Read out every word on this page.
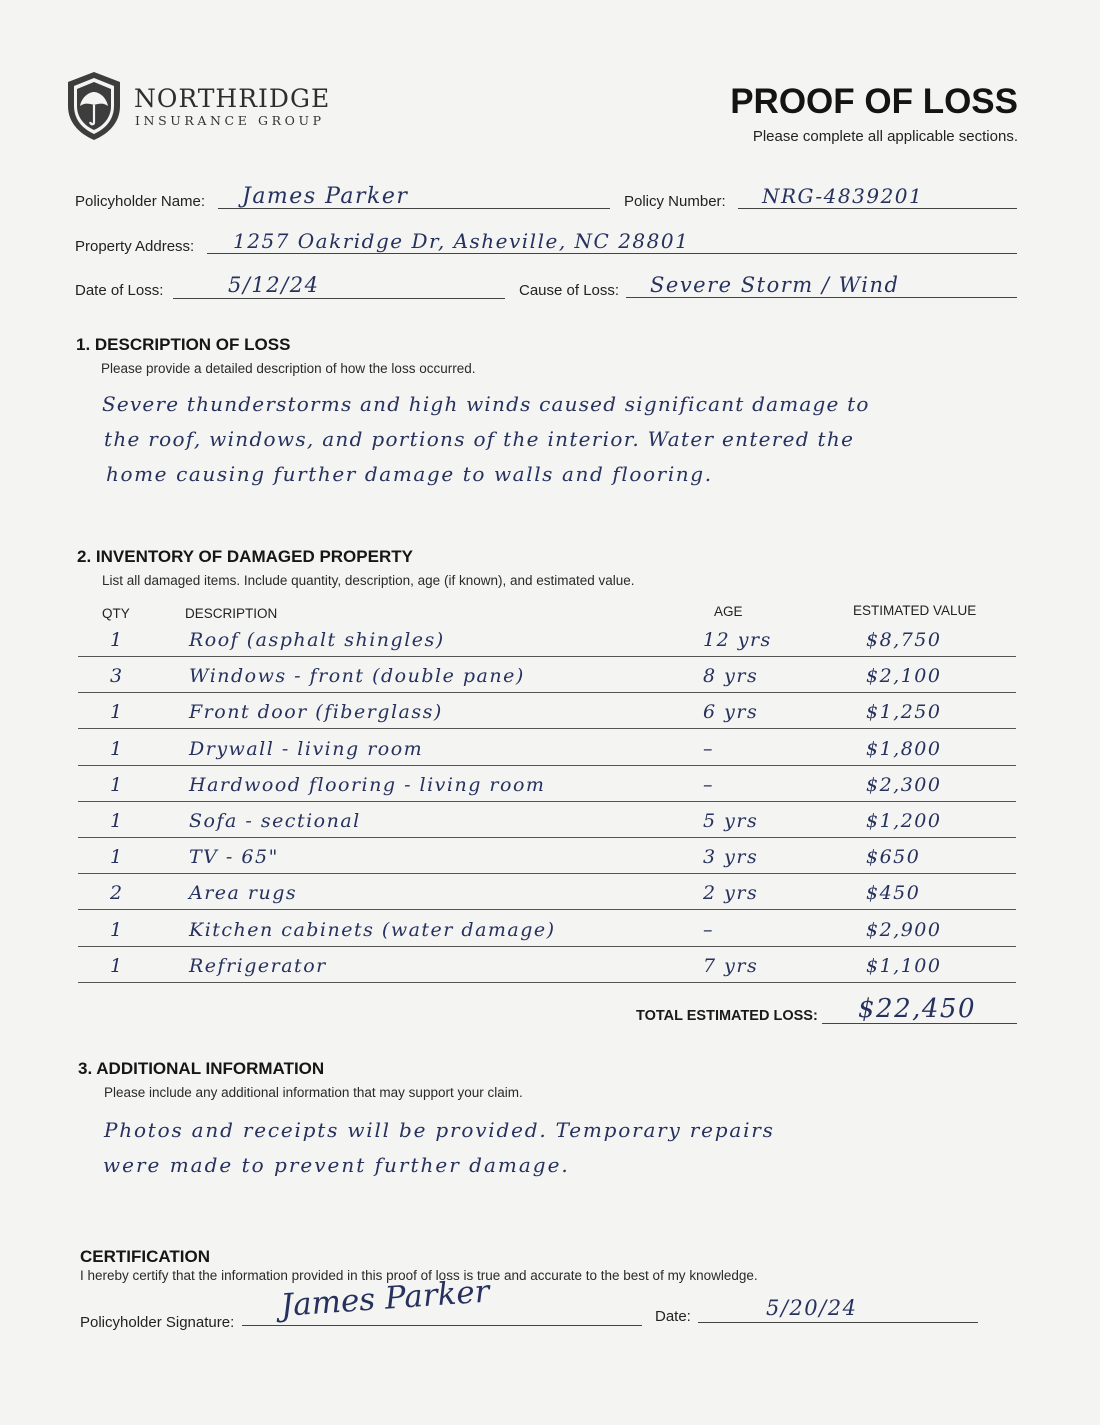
NORTHRIDGE
INSURANCE GROUP	PROOF OF LOSS
Please complete all applicable sections.
Policyholder Name: James Parker	Policy Number: NRG-4839201
Property Address: 1257 Oakridge Dr, Asheville, NC 28801
Date of Loss:	5/12/24	Cause of Loss: Severe Storm / Wind
1. DESCRIPTION OF LOSS
Please provide a detailed description of how the loss occurred.
Severe thunderstorms and high winds caused significant damage to
the roof, windows, and portions of the interior. Water entered the
home causing further damage to walls and flooring.
2. INVENTORY OF DAMAGED PROPERTY
List all damaged items. Include quantity, description, age (if known), and estimated value.
QTY	DESCRIPTION	AGE	ESTIMATED VALUE
1	Roof (asphalt shingles)	12 yrs	$8,750
3	Windows - front (double pane)	8 yrs	$2,100
1	Front door (fiberglass)	6 yrs	$1,250
1	Drywall - living room	–	$1,800
1	Hardwood flooring - living room	–	$2,300
1	Sofa - sectional	5 yrs	$1,200
1	TV - 65"	3 yrs	$650
2	Area rugs	2 yrs	$450
1	Kitchen cabinets (water damage)	–	$2,900
1	Refrigerator	7 yrs	$1,100
TOTAL ESTIMATED LOSS: $22,450
3. ADDITIONAL INFORMATION
Please include any additional information that may support your claim.
Photos and receipts will be provided. Temporary repairs
were made to prevent further damage.
CERTIFICATION
I hereby certify that the information provided in this proof of loss is true and accurate to the best of my knowledge.
Policyholder Signature: James Parker	Date:	5/20/24
